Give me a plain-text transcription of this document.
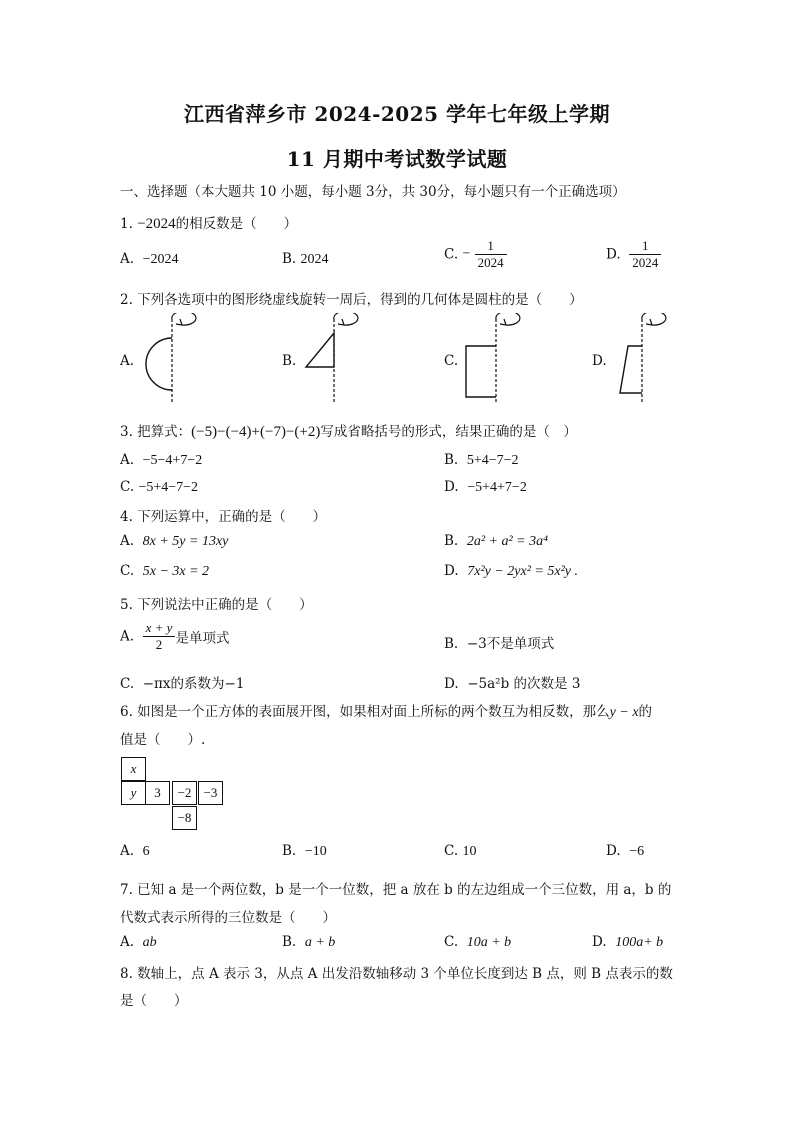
江西省萍乡市 2024-2025 学年七年级上学期
11 月期中考试数学试题
一、选择题（本大题共 10 小题，每小题 3分，共 30分，每小题只有一个正确选项）
1. −2024的相反数是（　　）
A. −2024	B. 2024	C. − $\frac{1}{2024}$	D. $\frac{1}{2024}$
2. 下列各选项中的图形绕虚线旋转一周后，得到的几何体是圆柱的是（　　）
A.	B.	C.	D.
3. 把算式：(−5)−(−4)+(−7)−(+2)写成省略括号的形式，结果正确的是（　）
A. −5−4+7−2	B. 5+4−7−2
C. −5+4−7−2	D. −5+4+7−2
4. 下列运算中，正确的是（　　）
A. 8x + 5y = 13xy	B. 2a² + a² = 3a⁴
C. 5x − 3x = 2	D. 7x²y − 2yx² = 5x²y .
5. 下列说法中正确的是（　　）
A. $\frac{x + y}{2}$ 是单项式	B. −3不是单项式
C. −πx的系数为−1	D. −5a²b 的次数是 3
6. 如图是一个正方体的表面展开图，如果相对面上所标的两个数互为相反数，那么y − x的
值是（　　）.
x
y	3	−2 −3
−8
A. 6	B. −10	C. 10	D. −6
7. 已知 a 是一个两位数，b 是一个一位数，把 a 放在 b 的左边组成一个三位数，用 a，b 的
代数式表示所得的三位数是（　　）
A. ab	B. a + b	C. 10a + b	D. 100a+ b
8. 数轴上，点 A 表示 3，从点 A 出发沿数轴移动 3 个单位长度到达 B 点，则 B 点表示的数
是（　　）
